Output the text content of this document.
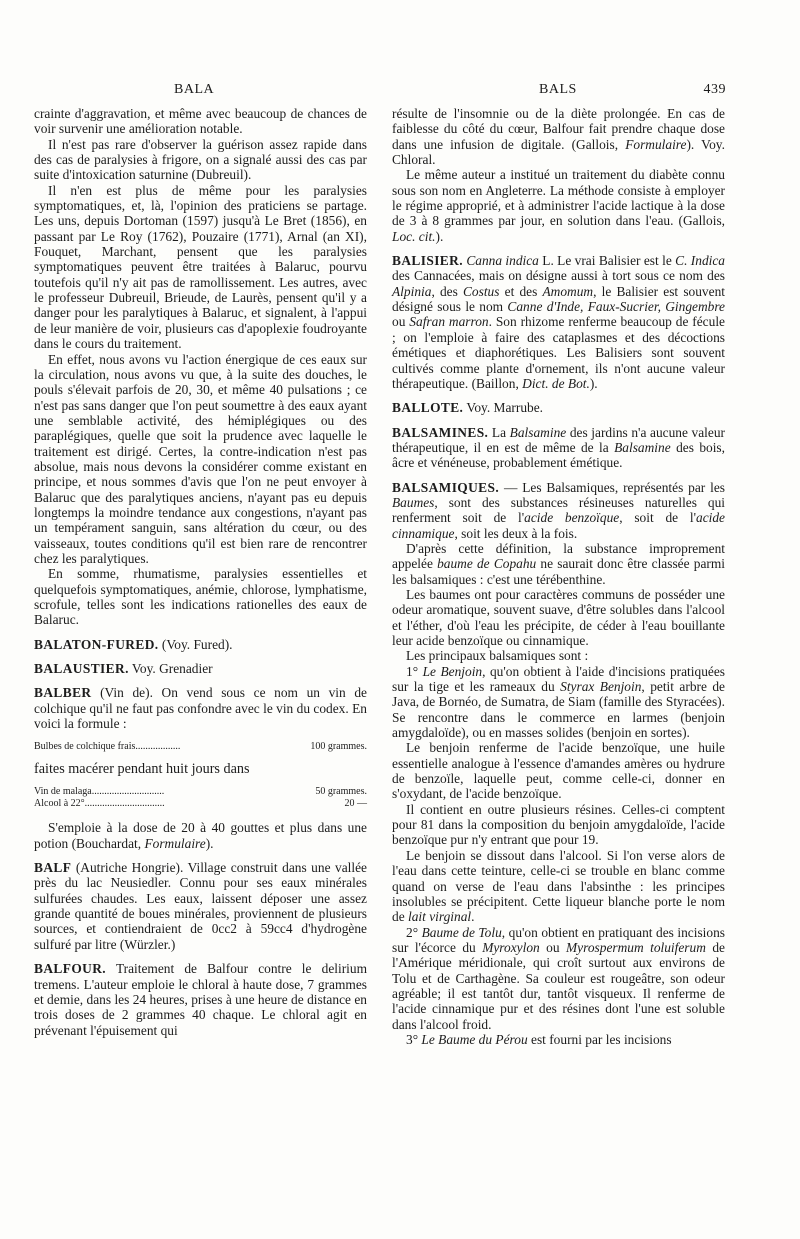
BALA	BALS	439

crainte d'aggravation, et même avec beaucoup de chances de voir survenir une amélioration notable.

Il n'est pas rare d'observer la guérison assez rapide dans des cas de paralysies à frigore, on a signalé aussi des cas par suite d'intoxication saturnine (Dubreuil).

Il n'en est plus de même pour les paralysies symptomatiques, et, là, l'opinion des praticiens se partage. Les uns, depuis Dortoman (1597) jusqu'à Le Bret (1856), en passant par Le Roy (1762), Pouzaire (1771), Arnal (an XI), Fouquet, Marchant, pensent que les paralysies symptomatiques peuvent être traitées à Balaruc, pourvu toutefois qu'il n'y ait pas de ramollissement. Les autres, avec le professeur Dubreuil, Brieude, de Laurès, pensent qu'il y a danger pour les paralytiques à Balaruc, et signalent, à l'appui de leur manière de voir, plusieurs cas d'apoplexie foudroyante dans le cours du traitement.

En effet, nous avons vu l'action énergique de ces eaux sur la circulation, nous avons vu que, à la suite des douches, le pouls s'élevait parfois de 20, 30, et même 40 pulsations ; ce n'est pas sans danger que l'on peut soumettre à des eaux ayant une semblable activité, des hémiplégiques ou des paraplégiques, quelle que soit la prudence avec laquelle le traitement est dirigé. Certes, la contre-indication n'est pas absolue, mais nous devons la considérer comme existant en principe, et nous sommes d'avis que l'on ne peut envoyer à Balaruc que des paralytiques anciens, n'ayant pas eu depuis longtemps la moindre tendance aux congestions, n'ayant pas un tempérament sanguin, sans altération du cœur, ou des vaisseaux, toutes conditions qu'il est bien rare de rencontrer chez les paralytiques.

En somme, rhumatisme, paralysies essentielles et quelquefois symptomatiques, anémie, chlorose, lymphatisme, scrofule, telles sont les indications rationelles des eaux de Balaruc.

BALATON-FURED. (Voy. Fured).

BALAUSTIER. Voy. Grenadier

BALBER (Vin de). On vend sous ce nom un vin de colchique qu'il ne faut pas confondre avec le vin du codex. En voici la formule :

Bulbes de colchique frais..................	100 grammes.

faites macérer pendant huit jours dans

Vin de malaga.............................	50 grammes.
Alcool à 22°................................	20 —

S'emploie à la dose de 20 à 40 gouttes et plus dans une potion (Bouchardat, Formulaire).

BALF (Autriche Hongrie). Village construit dans une vallée près du lac Neusiedler. Connu pour ses eaux minérales sulfurées chaudes. Les eaux, laissent déposer une assez grande quantité de boues minérales, proviennent de plusieurs sources, et contiendraient de 0cc2 à 59cc4 d'hydrogène sulfuré par litre (Würzler.)

BALFOUR. Traitement de Balfour contre le delirium tremens. L'auteur emploie le chloral à haute dose, 7 grammes et demie, dans les 24 heures, prises à une heure de distance en trois doses de 2 grammes 40 chaque. Le chloral agit en prévenant l'épuisement qui

résulte de l'insomnie ou de la diète prolongée. En cas de faiblesse du côté du cœur, Balfour fait prendre chaque dose dans une infusion de digitale. (Gallois, Formulaire). Voy. Chloral.

Le même auteur a institué un traitement du diabète connu sous son nom en Angleterre. La méthode consiste à employer le régime approprié, et à administrer l'acide lactique à la dose de 3 à 8 grammes par jour, en solution dans l'eau. (Gallois, Loc. cit.).

BALISIER. Canna indica L. Le vrai Balisier est le C. Indica des Cannacées, mais on désigne aussi à tort sous ce nom des Alpinia, des Costus et des Amomum, le Balisier est souvent désigné sous le nom Canne d'Inde, Faux-Sucrier, Gingembre ou Safran marron. Son rhizome renferme beaucoup de fécule ; on l'emploie à faire des cataplasmes et des décoctions émétiques et diaphorétiques. Les Balisiers sont souvent cultivés comme plante d'ornement, ils n'ont aucune valeur thérapeutique. (Baillon, Dict. de Bot.).

BALLOTE. Voy. Marrube.

BALSAMINES. La Balsamine des jardins n'a aucune valeur thérapeutique, il en est de même de la Balsamine des bois, âcre et vénéneuse, probablement émétique.

BALSAMIQUES. — Les Balsamiques, représentés par les Baumes, sont des substances résineuses naturelles qui renferment soit de l'acide benzoïque, soit de l'acide cinnamique, soit les deux à la fois.

D'après cette définition, la substance improprement appelée baume de Copahu ne saurait donc être classée parmi les balsamiques : c'est une térébenthine.

Les baumes ont pour caractères communs de posséder une odeur aromatique, souvent suave, d'être solubles dans l'alcool et l'éther, d'où l'eau les précipite, de céder à l'eau bouillante leur acide benzoïque ou cinnamique.

Les principaux balsamiques sont :

1° Le Benjoin, qu'on obtient à l'aide d'incisions pratiquées sur la tige et les rameaux du Styrax Benjoin, petit arbre de Java, de Bornéo, de Sumatra, de Siam (famille des Styracées). Se rencontre dans le commerce en larmes (benjoin amygdaloïde), ou en masses solides (benjoin en sortes).

Le benjoin renferme de l'acide benzoïque, une huile essentielle analogue à l'essence d'amandes amères ou hydrure de benzoïle, laquelle peut, comme celle-ci, donner en s'oxydant, de l'acide benzoïque.

Il contient en outre plusieurs résines. Celles-ci comptent pour 81 dans la composition du benjoin amygdaloïde, l'acide benzoïque pur n'y entrant que pour 19.

Le benjoin se dissout dans l'alcool. Si l'on verse alors de l'eau dans cette teinture, celle-ci se trouble en blanc comme quand on verse de l'eau dans l'absinthe : les principes insolubles se précipitent. Cette liqueur blanche porte le nom de lait virginal.

2° Baume de Tolu, qu'on obtient en pratiquant des incisions sur l'écorce du Myroxylon ou Myrospermum toluiferum de l'Amérique méridionale, qui croît surtout aux environs de Tolu et de Carthagène. Sa couleur est rougeâtre, son odeur agréable; il est tantôt dur, tantôt visqueux. Il renferme de l'acide cinnamique pur et des résines dont l'une est soluble dans l'alcool froid.

3° Le Baume du Pérou est fourni par les incisions
